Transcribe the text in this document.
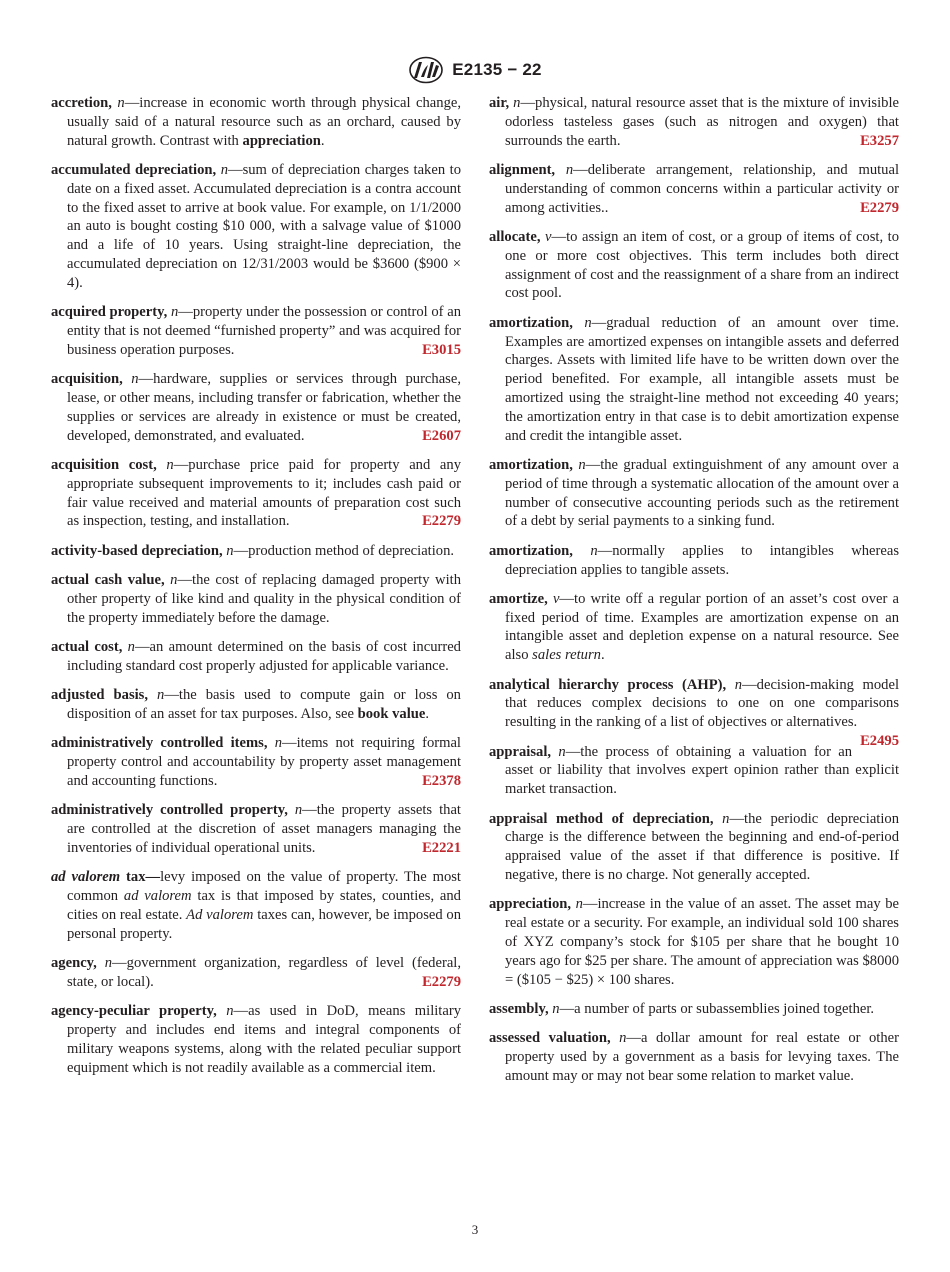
E2135 − 22

accretion, n—increase in economic worth through physical change, usually said of a natural resource such as an orchard, caused by natural growth. Contrast with appreciation.

accumulated depreciation, n—sum of depreciation charges taken to date on a fixed asset. Accumulated depreciation is a contra account to the fixed asset to arrive at book value. For example, on 1/1/2000 an auto is bought costing $10 000, with a salvage value of $1000 and a life of 10 years. Using straight-line depreciation, the accumulated depreciation on 12/31/2003 would be $3600 ($900 × 4).

acquired property, n—property under the possession or control of an entity that is not deemed “furnished property” and was acquired for business operation purposes.	E3015

acquisition, n—hardware, supplies or services through purchase, lease, or other means, including transfer or fabrication, whether the supplies or services are already in existence or must be created, developed, demonstrated, and evaluated.	E2607

acquisition cost, n—purchase price paid for property and any appropriate subsequent improvements to it; includes cash paid or fair value received and material amounts of preparation cost such as inspection, testing, and installation.	E2279

activity-based depreciation, n—production method of depreciation.

actual cash value, n—the cost of replacing damaged property with other property of like kind and quality in the physical condition of the property immediately before the damage.

actual cost, n—an amount determined on the basis of cost incurred including standard cost properly adjusted for applicable variance.

adjusted basis, n—the basis used to compute gain or loss on disposition of an asset for tax purposes. Also, see book value.

administratively controlled items, n—items not requiring formal property control and accountability by property asset management and accounting functions.	E2378

administratively controlled property, n—the property assets that are controlled at the discretion of asset managers managing the inventories of individual operational units.	E2221

ad valorem tax—levy imposed on the value of property. The most common ad valorem tax is that imposed by states, counties, and cities on real estate. Ad valorem taxes can, however, be imposed on personal property.

agency, n—government organization, regardless of level (federal, state, or local).	E2279

agency-peculiar property, n—as used in DoD, means military property and includes end items and integral components of military weapons systems, along with the related peculiar support equipment which is not readily available as a commercial item.

air, n—physical, natural resource asset that is the mixture of invisible odorless tasteless gases (such as nitrogen and oxygen) that surrounds the earth.	E3257

alignment, n—deliberate arrangement, relationship, and mutual understanding of common concerns within a particular activity or among activities..	E2279

allocate, v—to assign an item of cost, or a group of items of cost, to one or more cost objectives. This term includes both direct assignment of cost and the reassignment of a share from an indirect cost pool.

amortization, n—gradual reduction of an amount over time. Examples are amortized expenses on intangible assets and deferred charges. Assets with limited life have to be written down over the period benefited. For example, all intangible assets must be amortized using the straight-line method not exceeding 40 years; the amortization entry in that case is to debit amortization expense and credit the intangible asset.

amortization, n—the gradual extinguishment of any amount over a period of time through a systematic allocation of the amount over a number of consecutive accounting periods such as the retirement of a debt by serial payments to a sinking fund.

amortization, n—normally applies to intangibles whereas depreciation applies to tangible assets.

amortize, v—to write off a regular portion of an asset’s cost over a fixed period of time. Examples are amortization expense on an intangible asset and depletion expense on a natural resource. See also sales return.

analytical hierarchy process (AHP), n—decision-making model that reduces complex decisions to one on one comparisons resulting in the ranking of a list of objectives or alternatives.
E2495

appraisal, n—the process of obtaining a valuation for an asset or liability that involves expert opinion rather than explicit market transaction.

appraisal method of depreciation, n—the periodic depreciation charge is the difference between the beginning and end-of-period appraised value of the asset if that difference is positive. If negative, there is no charge. Not generally accepted.

appreciation, n—increase in the value of an asset. The asset may be real estate or a security. For example, an individual sold 100 shares of XYZ company’s stock for $105 per share that he bought 10 years ago for $25 per share. The amount of appreciation was $8000 = ($105 − $25) × 100 shares.

assembly, n—a number of parts or subassemblies joined together.

assessed valuation, n—a dollar amount for real estate or other property used by a government as a basis for levying taxes. The amount may or may not bear some relation to market value.

3
